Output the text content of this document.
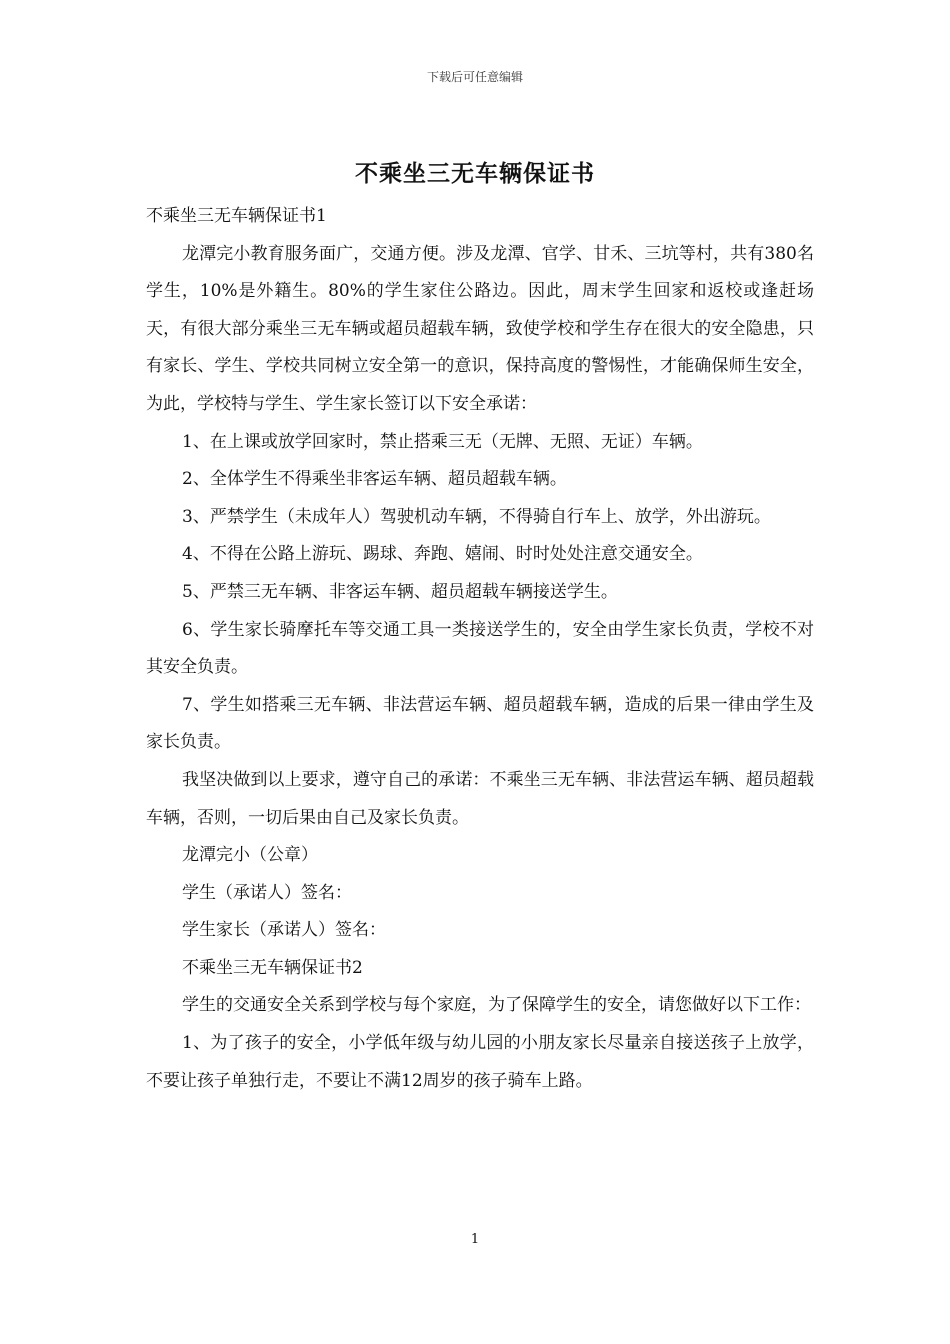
下载后可任意编辑
不乘坐三无车辆保证书

不乘坐三无车辆保证书1

龙潭完小教育服务面广，交通方便。涉及龙潭、官学、甘禾、三坑等村，共有380名学生，10%是外籍生。80%的学生家住公路边。因此，周末学生回家和返校或逢赶场天，有很大部分乘坐三无车辆或超员超载车辆，致使学校和学生存在很大的安全隐患，只有家长、学生、学校共同树立安全第一的意识，保持高度的警惕性，才能确保师生安全，为此，学校特与学生、学生家长签订以下安全承诺：

1、在上课或放学回家时，禁止搭乘三无（无牌、无照、无证）车辆。

2、全体学生不得乘坐非客运车辆、超员超载车辆。

3、严禁学生（未成年人）驾驶机动车辆，不得骑自行车上、放学，外出游玩。

4、不得在公路上游玩、踢球、奔跑、嬉闹、时时处处注意交通安全。

5、严禁三无车辆、非客运车辆、超员超载车辆接送学生。

6、学生家长骑摩托车等交通工具一类接送学生的，安全由学生家长负责，学校不对其安全负责。

7、学生如搭乘三无车辆、非法营运车辆、超员超载车辆，造成的后果一律由学生及家长负责。

我坚决做到以上要求，遵守自己的承诺：不乘坐三无车辆、非法营运车辆、超员超载车辆，否则，一切后果由自己及家长负责。

龙潭完小（公章）

学生（承诺人）签名：

学生家长（承诺人）签名：

不乘坐三无车辆保证书2

学生的交通安全关系到学校与每个家庭，为了保障学生的安全，请您做好以下工作：

1、为了孩子的安全，小学低年级与幼儿园的小朋友家长尽量亲自接送孩子上放学，不要让孩子单独行走，不要让不满12周岁的孩子骑车上路。

1
